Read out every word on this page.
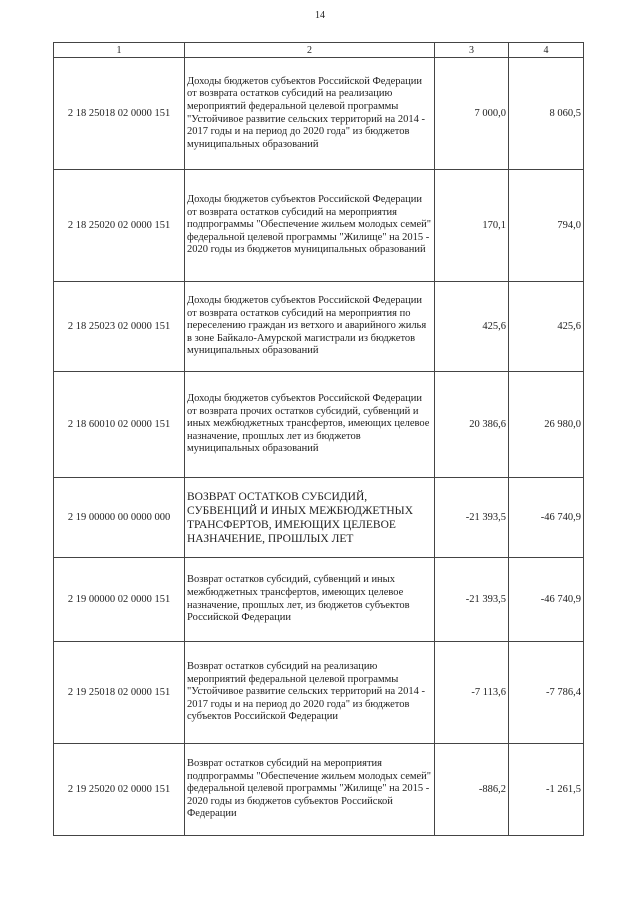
14
1	2	3	4
2 18 25018 02 0000 151	Доходы бюджетов субъектов Российской Федерации от возврата остатков субсидий на реализацию мероприятий федеральной целевой программы "Устойчивое развитие сельских территорий на 2014 - 2017 годы и на период до 2020 года" из бюджетов муниципальных образований	7 000,0	8 060,5
2 18 25020 02 0000 151	Доходы бюджетов субъектов Российской Федерации от возврата остатков субсидий на мероприятия подпрограммы "Обеспечение жильем молодых семей" федеральной целевой программы "Жилище" на 2015 - 2020 годы из бюджетов муниципальных образований	170,1	794,0
2 18 25023 02 0000 151	Доходы бюджетов субъектов Российской Федерации от возврата остатков субсидий на мероприятия по переселению граждан из ветхого и аварийного жилья в зоне Байкало-Амурской магистрали из бюджетов муниципальных образований	425,6	425,6
2 18 60010 02 0000 151	Доходы бюджетов субъектов Российской Федерации от возврата прочих остатков субсидий, субвенций и иных межбюджетных трансфертов, имеющих целевое назначение, прошлых лет из бюджетов муниципальных образований	20 386,6	26 980,0
2 19 00000 00 0000 000	ВОЗВРАТ ОСТАТКОВ СУБСИДИЙ, СУБВЕНЦИЙ И ИНЫХ МЕЖБЮДЖЕТНЫХ ТРАНСФЕРТОВ, ИМЕЮЩИХ ЦЕЛЕВОЕ НАЗНАЧЕНИЕ, ПРОШЛЫХ ЛЕТ	-21 393,5	-46 740,9
2 19 00000 02 0000 151	Возврат остатков субсидий, субвенций и иных межбюджетных трансфертов, имеющих целевое назначение, прошлых лет, из бюджетов субъектов Российской Федерации	-21 393,5	-46 740,9
2 19 25018 02 0000 151	Возврат остатков субсидий на реализацию мероприятий федеральной целевой программы "Устойчивое развитие сельских территорий на 2014 - 2017 годы и на период до 2020 года" из бюджетов субъектов Российской Федерации	-7 113,6	-7 786,4
2 19 25020 02 0000 151	Возврат остатков субсидий на мероприятия подпрограммы "Обеспечение жильем молодых семей" федеральной целевой программы "Жилище" на 2015 - 2020 годы из бюджетов субъектов Российской Федерации	-886,2	-1 261,5
